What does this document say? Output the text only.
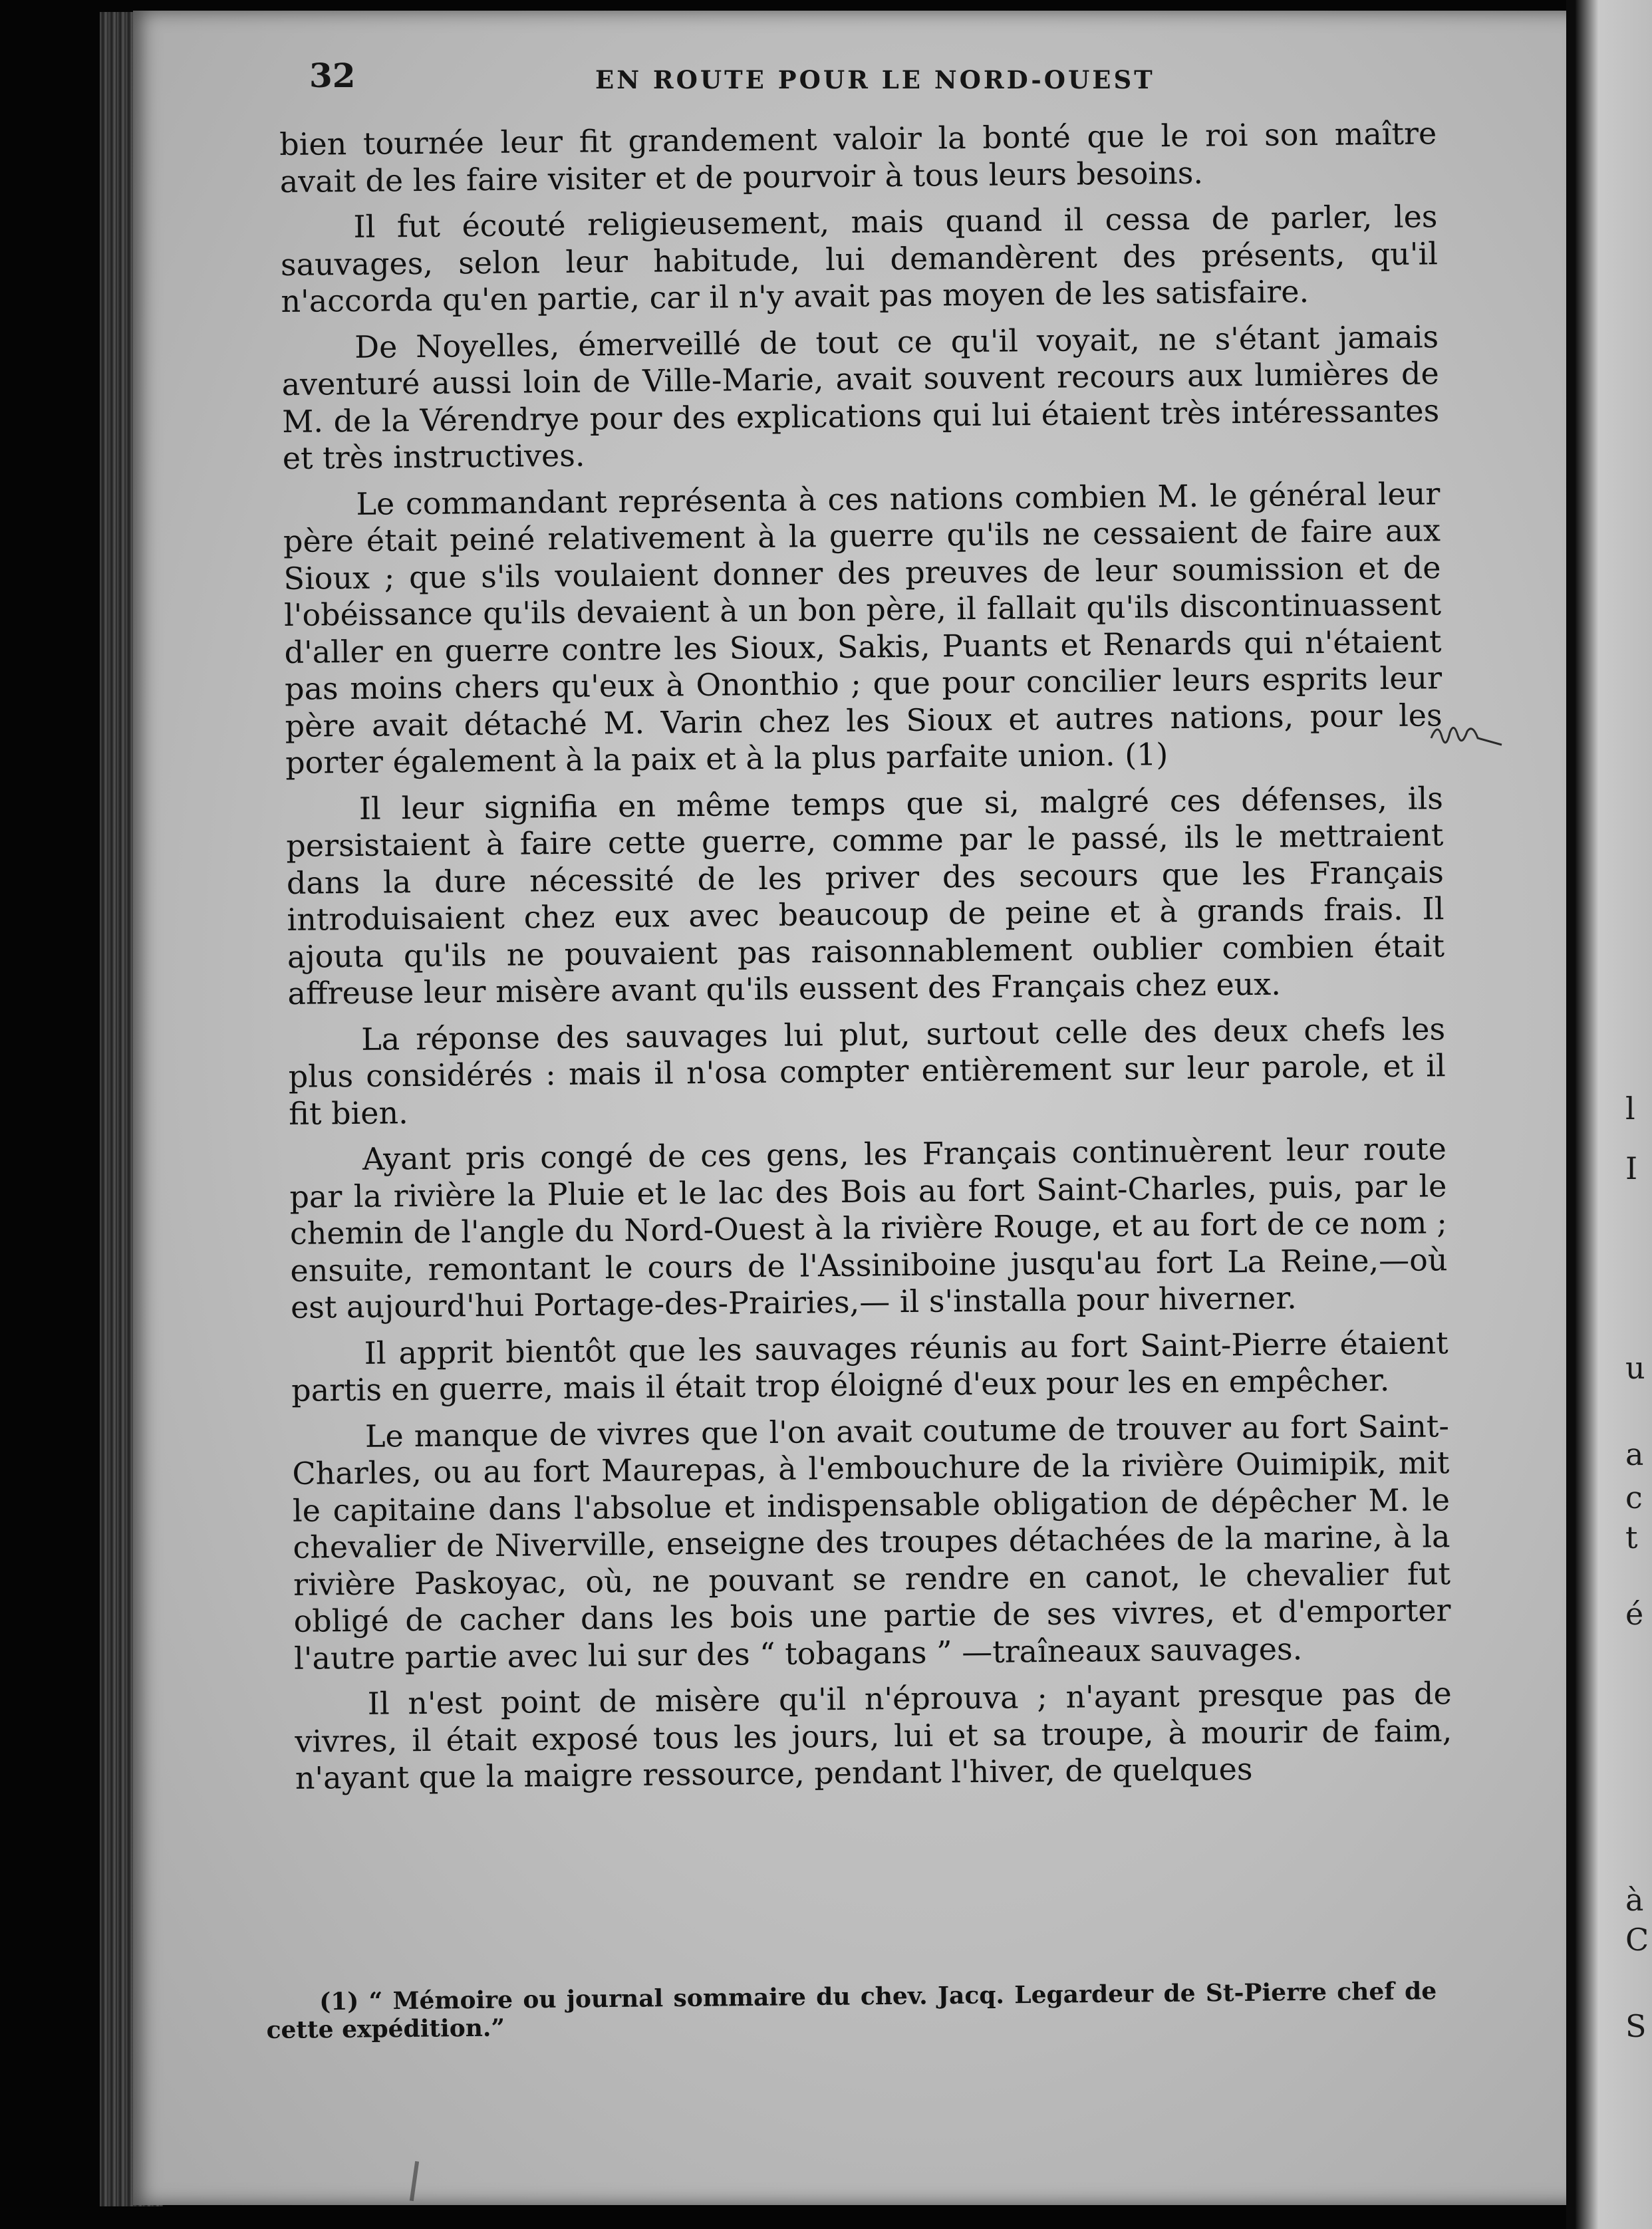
l
I
u
a
c
t
é
à
C
S
32	EN ROUTE POUR LE NORD-OUEST

bien tournée leur fit grandement valoir la bonté que le roi son maître avait de les faire visiter et de pourvoir à tous leurs besoins.

Il fut écouté religieusement, mais quand il cessa de parler, les sauvages, selon leur habitude, lui demandèrent des présents, qu'il n'accorda qu'en partie, car il n'y avait pas moyen de les satisfaire.

De Noyelles, émerveillé de tout ce qu'il voyait, ne s'étant jamais aventuré aussi loin de Ville-Marie, avait souvent recours aux lumières de M. de la Vérendrye pour des explications qui lui étaient très intéressantes et très instructives.

Le commandant représenta à ces nations combien M. le général leur père était peiné relativement à la guerre qu'ils ne cessaient de faire aux Sioux ; que s'ils voulaient donner des preuves de leur soumission et de l'obéissance qu'ils devaient à un bon père, il fallait qu'ils discontinuassent d'aller en guerre contre les Sioux, Sakis, Puants et Renards qui n'étaient pas moins chers qu'eux à Ononthio ; que pour concilier leurs esprits leur père avait détaché M. Varin chez les Sioux et autres nations, pour les porter également à la paix et à la plus parfaite union. (1)

Il leur signifia en même temps que si, malgré ces défenses, ils persistaient à faire cette guerre, comme par le passé, ils le mettraient dans la dure nécessité de les priver des secours que les Français introduisaient chez eux avec beaucoup de peine et à grands frais. Il ajouta qu'ils ne pouvaient pas raisonnablement oublier combien était affreuse leur misère avant qu'ils eussent des Français chez eux.

La réponse des sauvages lui plut, surtout celle des deux chefs les plus considérés : mais il n'osa compter entièrement sur leur parole, et il fit bien.

Ayant pris congé de ces gens, les Français continuèrent leur route par la rivière la Pluie et le lac des Bois au fort Saint-Charles, puis, par le chemin de l'angle du Nord-Ouest à la rivière Rouge, et au fort de ce nom ; ensuite, remontant le cours de l'Assiniboine jusqu'au fort La Reine,—où est aujourd'hui Portage-des-Prairies,— il s'installa pour hiverner.

Il apprit bientôt que les sauvages réunis au fort Saint-Pierre étaient partis en guerre, mais il était trop éloigné d'eux pour les en empêcher.

Le manque de vivres que l'on avait coutume de trouver au fort Saint-Charles, ou au fort Maurepas, à l'embouchure de la rivière Ouimipik, mit le capitaine dans l'absolue et indispensable obligation de dépêcher M. le chevalier de Niverville, enseigne des troupes détachées de la marine, à la rivière Paskoyac, où, ne pouvant se rendre en canot, le chevalier fut obligé de cacher dans les bois une partie de ses vivres, et d'emporter l'autre partie avec lui sur des “ tobagans ” —traîneaux sauvages.

Il n'est point de misère qu'il n'éprouva ; n'ayant presque pas de vivres, il était exposé tous les jours, lui et sa troupe, à mourir de faim, n'ayant que la maigre ressource, pendant l'hiver, de quelques

(1) “ Mémoire ou journal sommaire du chev. Jacq. Legardeur de St-Pierre chef de cette expédition.”
